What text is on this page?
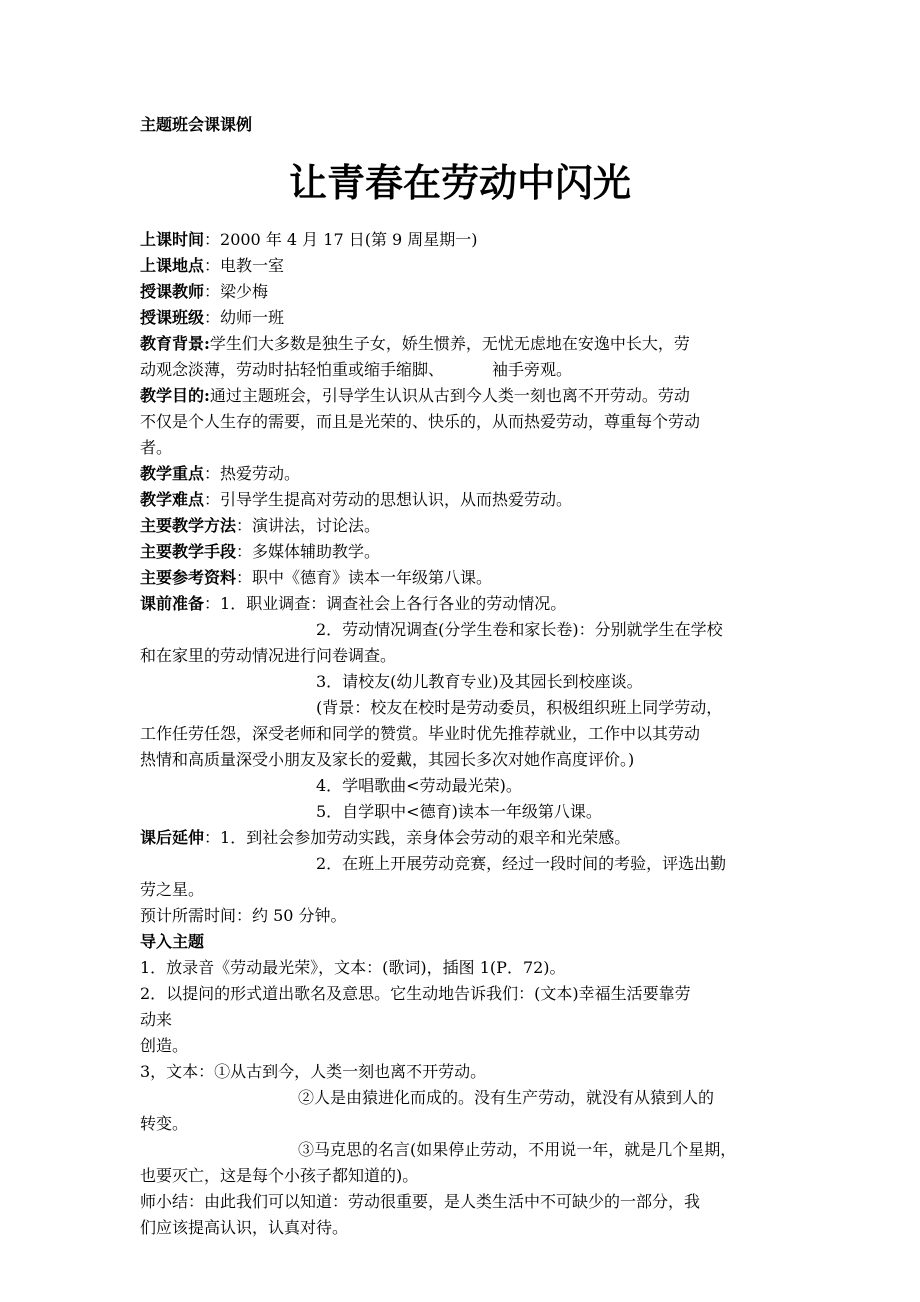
主题班会课课例
让青春在劳动中闪光
上课时间：2000 年 4 月 17 日(第 9 周星期一)
上课地点：电教一室
授课教师：梁少梅
授课班级：幼师一班
教育背景:学生们大多数是独生子女，娇生惯养，无忧无虑地在安逸中长大，劳
动观念淡薄，劳动时拈轻怕重或缩手缩脚、	袖手旁观。
教学目的:通过主题班会，引导学生认识从古到今人类一刻也离不开劳动。劳动
不仅是个人生存的需要，而且是光荣的、快乐的，从而热爱劳动，尊重每个劳动
者。
教学重点：热爱劳动。
教学难点：引导学生提高对劳动的思想认识，从而热爱劳动。
主要教学方法：演讲法，讨论法。
主要教学手段：多媒体辅助教学。
主要参考资料：职中《德育》读本一年级第八课。
课前准备：1．职业调查：调查社会上各行各业的劳动情况。
2．劳动情况调查(分学生卷和家长卷)：分别就学生在学校
和在家里的劳动情况进行问卷调查。
3．请校友(幼儿教育专业)及其园长到校座谈。
(背景：校友在校时是劳动委员，积极组织班上同学劳动，
工作任劳任怨，深受老师和同学的赞赏。毕业时优先推荐就业，工作中以其劳动
热情和高质量深受小朋友及家长的爱戴，其园长多次对她作高度评价。)
4．学唱歌曲<劳动最光荣)。
5．自学职中<德育)读本一年级第八课。
课后延伸：1．到社会参加劳动实践，亲身体会劳动的艰辛和光荣感。
2．在班上开展劳动竞赛，经过一段时间的考验，评选出勤
劳之星。
预计所需时间：约 50 分钟。
导入主题
1．放录音《劳动最光荣》，文本：(歌词)，插图 1(P．72)。
2．以提问的形式道出歌名及意思。它生动地告诉我们：(文本)幸福生活要靠劳
动来
创造。
3，文本：①从古到今，人类一刻也离不开劳动。
②人是由猿进化而成的。没有生产劳动，就没有从猿到人的
转变。
③马克思的名言(如果停止劳动，不用说一年，就是几个星期，
也要灭亡，这是每个小孩子都知道的)。
师小结：由此我们可以知道：劳动很重要，是人类生活中不可缺少的一部分，我
们应该提高认识，认真对待。
